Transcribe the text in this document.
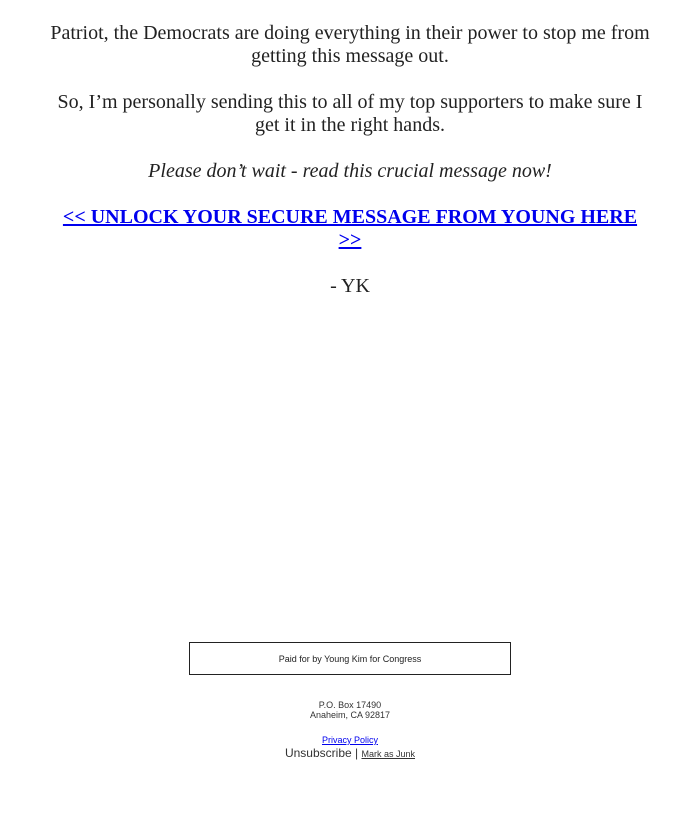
Patriot, the Democrats are doing everything in their power to stop me from getting this message out.

So, I’m personally sending this to all of my top supporters to make sure I get it in the right hands.

Please don’t wait - read this crucial message now!

<< UNLOCK YOUR SECURE MESSAGE FROM YOUNG HERE >>

- YK

Paid for by Young Kim for Congress
P.O. Box 17490
Anaheim, CA 92817
Privacy Policy
Unsubscribe | Mark as Junk
